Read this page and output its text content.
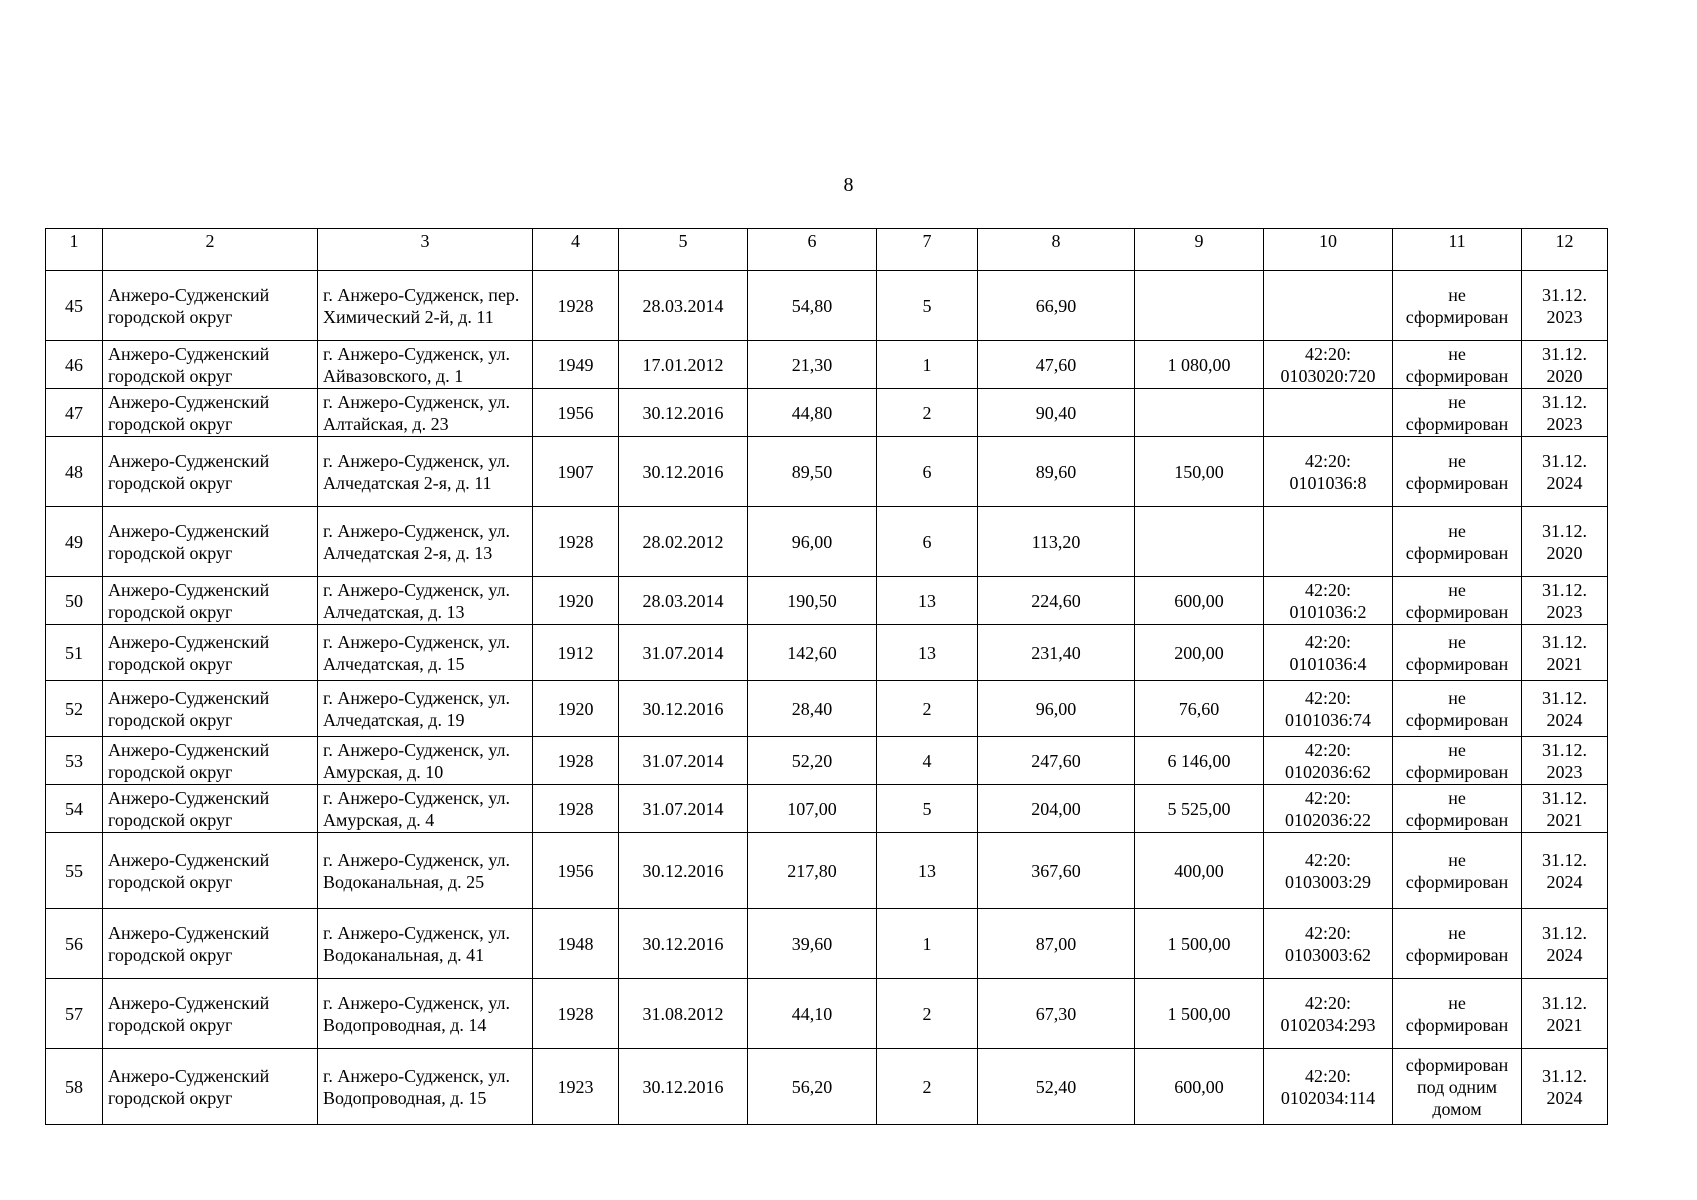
8
1	2	3	4	5	6	7	8	9	10	11	12
45	Анжеро-Судженский городской округ	г. Анжеро-Судженск, пер. Химический 2-й, д. 11	1928	28.03.2014	54,80	5	66,90			не сформирован	31.12. 2023
46	Анжеро-Судженский городской округ	г. Анжеро-Судженск, ул. Айвазовского, д. 1	1949	17.01.2012	21,30	1	47,60	1 080,00	42:20: 0103020:720	не сформирован	31.12. 2020
47	Анжеро-Судженский городской округ	г. Анжеро-Судженск, ул. Алтайская, д. 23	1956	30.12.2016	44,80	2	90,40			не сформирован	31.12. 2023
48	Анжеро-Судженский городской округ	г. Анжеро-Судженск, ул. Алчедатская 2-я, д. 11	1907	30.12.2016	89,50	6	89,60	150,00	42:20: 0101036:8	не сформирован	31.12. 2024
49	Анжеро-Судженский городской округ	г. Анжеро-Судженск, ул. Алчедатская 2-я, д. 13	1928	28.02.2012	96,00	6	113,20			не сформирован	31.12. 2020
50	Анжеро-Судженский городской округ	г. Анжеро-Судженск, ул. Алчедатская, д. 13	1920	28.03.2014	190,50	13	224,60	600,00	42:20: 0101036:2	не сформирован	31.12. 2023
51	Анжеро-Судженский городской округ	г. Анжеро-Судженск, ул. Алчедатская, д. 15	1912	31.07.2014	142,60	13	231,40	200,00	42:20: 0101036:4	не сформирован	31.12. 2021
52	Анжеро-Судженский городской округ	г. Анжеро-Судженск, ул. Алчедатская, д. 19	1920	30.12.2016	28,40	2	96,00	76,60	42:20: 0101036:74	не сформирован	31.12. 2024
53	Анжеро-Судженский городской округ	г. Анжеро-Судженск, ул. Амурская, д. 10	1928	31.07.2014	52,20	4	247,60	6 146,00	42:20: 0102036:62	не сформирован	31.12. 2023
54	Анжеро-Судженский городской округ	г. Анжеро-Судженск, ул. Амурская, д. 4	1928	31.07.2014	107,00	5	204,00	5 525,00	42:20: 0102036:22	не сформирован	31.12. 2021
55	Анжеро-Судженский городской округ	г. Анжеро-Судженск, ул. Водоканальная, д. 25	1956	30.12.2016	217,80	13	367,60	400,00	42:20: 0103003:29	не сформирован	31.12. 2024
56	Анжеро-Судженский городской округ	г. Анжеро-Судженск, ул. Водоканальная, д. 41	1948	30.12.2016	39,60	1	87,00	1 500,00	42:20: 0103003:62	не сформирован	31.12. 2024
57	Анжеро-Судженский городской округ	г. Анжеро-Судженск, ул. Водопроводная, д. 14	1928	31.08.2012	44,10	2	67,30	1 500,00	42:20: 0102034:293	не сформирован	31.12. 2021
58	Анжеро-Судженский городской округ	г. Анжеро-Судженск, ул. Водопроводная, д. 15	1923	30.12.2016	56,20	2	52,40	600,00	42:20: 0102034:114	сформирован под одним домом	31.12. 2024
